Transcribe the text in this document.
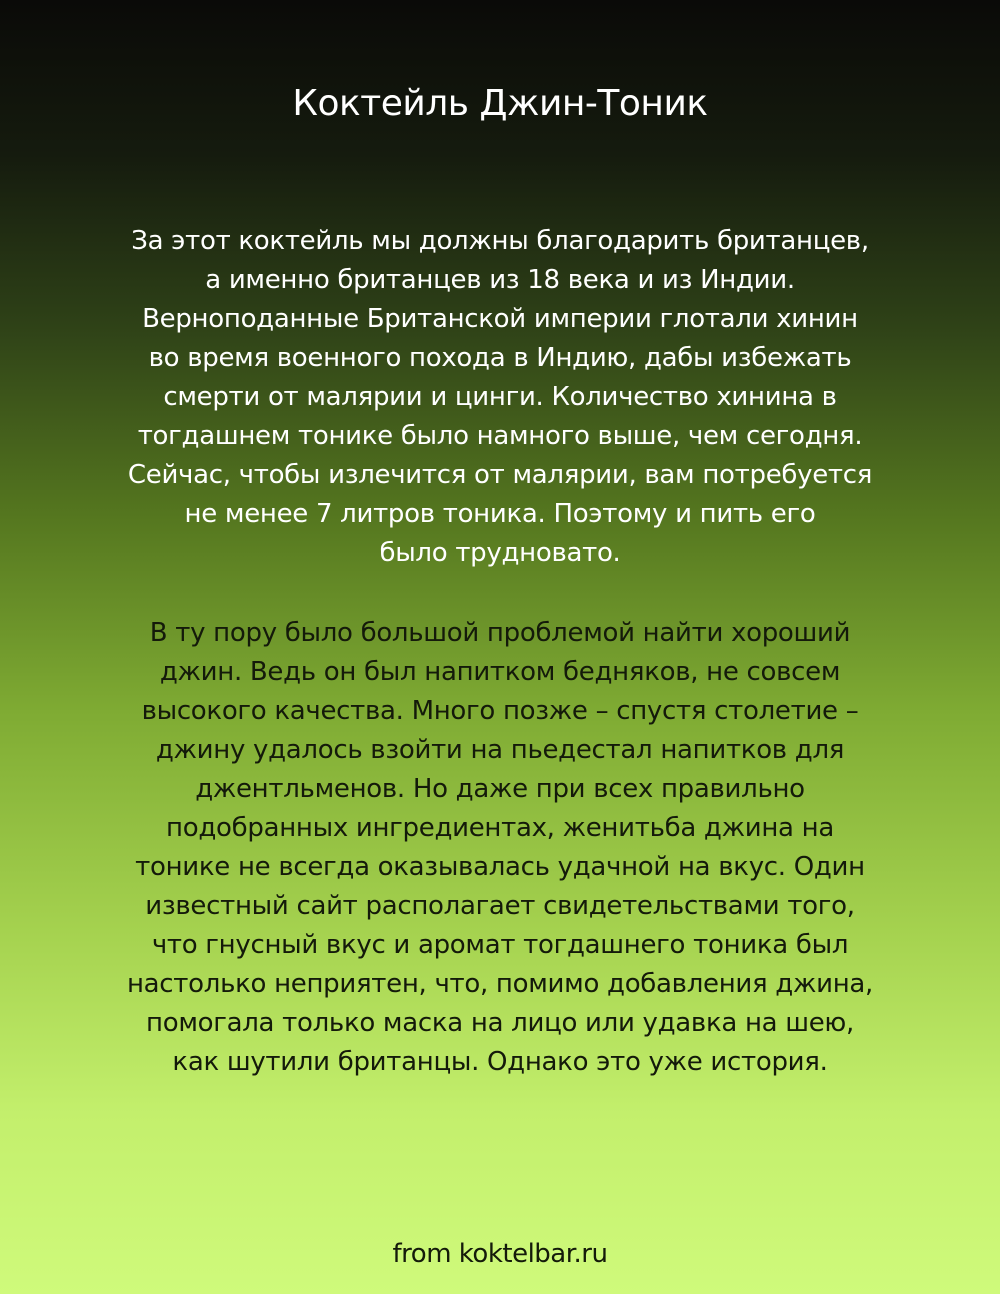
Коктейль Джин-Тоник
За этот коктейль мы должны благодарить британцев,
а именно британцев из 18 века и из Индии.
Верноподанные Британской империи глотали хинин
во время военного похода в Индию, дабы избежать
смерти от малярии и цинги. Количество хинина в
тогдашнем тонике было намного выше, чем сегодня.
Сейчас, чтобы излечится от малярии, вам потребуется
не менее 7 литров тоника. Поэтому и пить его
было трудновато.
В ту пору было большой проблемой найти хороший
джин. Ведь он был напитком бедняков, не совсем
высокого качества. Много позже – спустя столетие –
джину удалось взойти на пьедестал напитков для
джентльменов. Но даже при всех правильно
подобранных ингредиентах, женитьба джина на
тонике не всегда оказывалась удачной на вкус. Один
известный сайт располагает свидетельствами того,
что гнусный вкус и аромат тогдашнего тоника был
настолько неприятен, что, помимо добавления джина,
помогала только маска на лицо или удавка на шею,
как шутили британцы. Однако это уже история.
from koktelbar.ru
